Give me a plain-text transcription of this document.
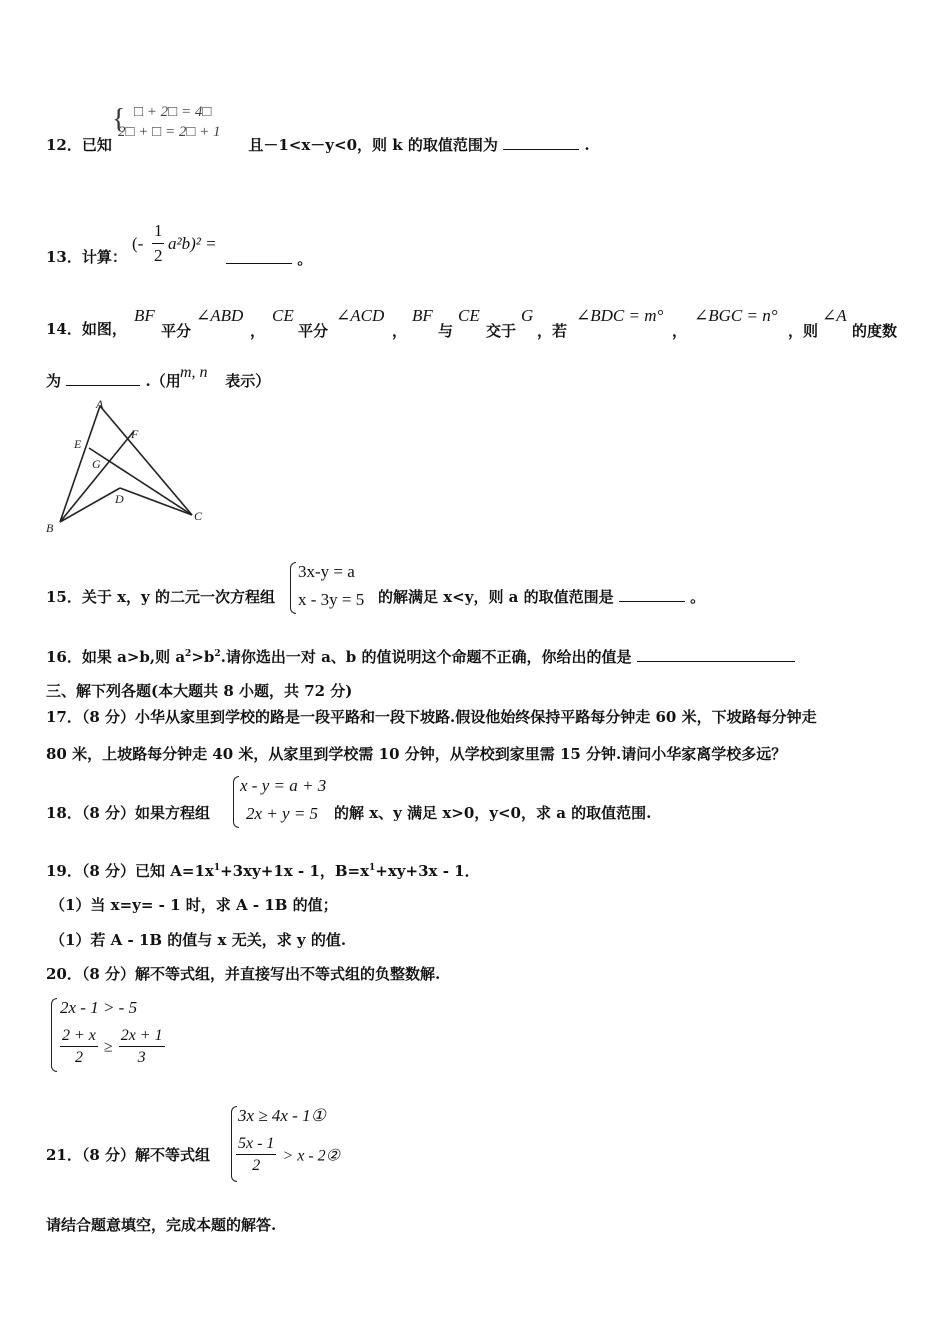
{ □ + 2□ = 4□
2□ + □ = 2□ + 1
12．已知	且－1<x－y<0，则 k 的取值范围为	.
13．计算：
(-
1
2
a²b)² =
。
14．如图，
BF
平分
∠ABD
，
CE
平分
∠ACD
，
BF
与
CE
交于
G
，若
∠BDC = m°
，
∠BGC = n°
，则
∠A
的度数
为	.（用	表示）
m, n
A
E
F
G
D
B
C
3x-y = a
x - 3y = 5
15．关于 x，y 的二元一次方程组	的解满足 x<y，则 a 的取值范围是	。
16．如果 a>b,则 $a^2>b^2$.请你选出一对 a、b 的值说明这个命题不正确，你给出的值是
三、解下列各题(本大题共 8 小题，共 72 分)
17．（8 分）小华从家里到学校的路是一段平路和一段下坡路.假设他始终保持平路每分钟走 60 米，下坡路每分钟走
80 米，上坡路每分钟走 40 米，从家里到学校需 10 分钟，从学校到家里需 15 分钟.请问小华家离学校多远？
x - y = a + 3
2x + y = 5
18．（8 分）如果方程组	的解 x、y 满足 x>0，y<0，求 a 的取值范围.
19．（8 分）已知 $A=1x^1+3xy+1x - 1$，$B=x^1+xy+3x - 1$．
（1）当 x=y= - 1 时，求 A - 1B 的值；
（1）若 A - 1B 的值与 x 无关，求 y 的值.
20．（8 分）解不等式组，并直接写出不等式组的负整数解.
2x - 1 > - 5
$\frac{2 + x}{2} \ge \frac{2x + 1}{3}$
3x ≥ 4x - 1①
$\frac{5x - 1}{2} > x$ - 2②
21．（8 分）解不等式组
请结合题意填空，完成本题的解答.
